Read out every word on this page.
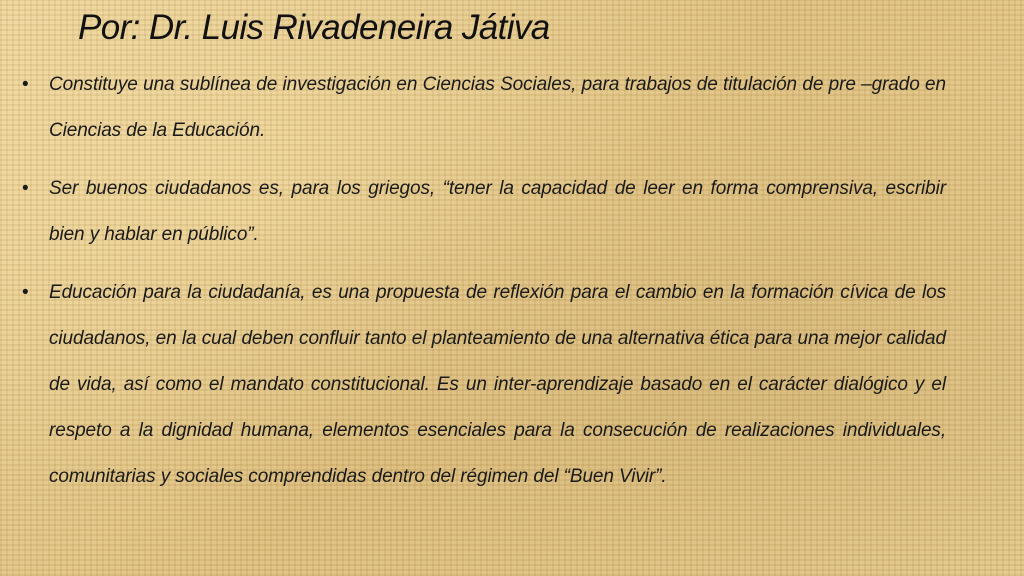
Por: Dr. Luis Rivadeneira Játiva
• Constituye una sublínea de investigación en Ciencias Sociales, para trabajos de titulación de pre –grado en Ciencias de la Educación.
• Ser buenos ciudadanos es, para los griegos, “tener la capacidad de leer en forma comprensiva, escribir bien y hablar en público”.
• Educación para la ciudadanía, es una propuesta de reflexión para el cambio en la formación cívica de los ciudadanos, en la cual deben confluir tanto el planteamiento de una alternativa ética para una mejor calidad de vida, así como el mandato constitucional. Es un inter-aprendizaje basado en el carácter dialógico y el respeto a la dignidad humana, elementos esenciales para la consecución de realizaciones individuales, comunitarias y sociales comprendidas dentro del régimen del “Buen Vivir”.
